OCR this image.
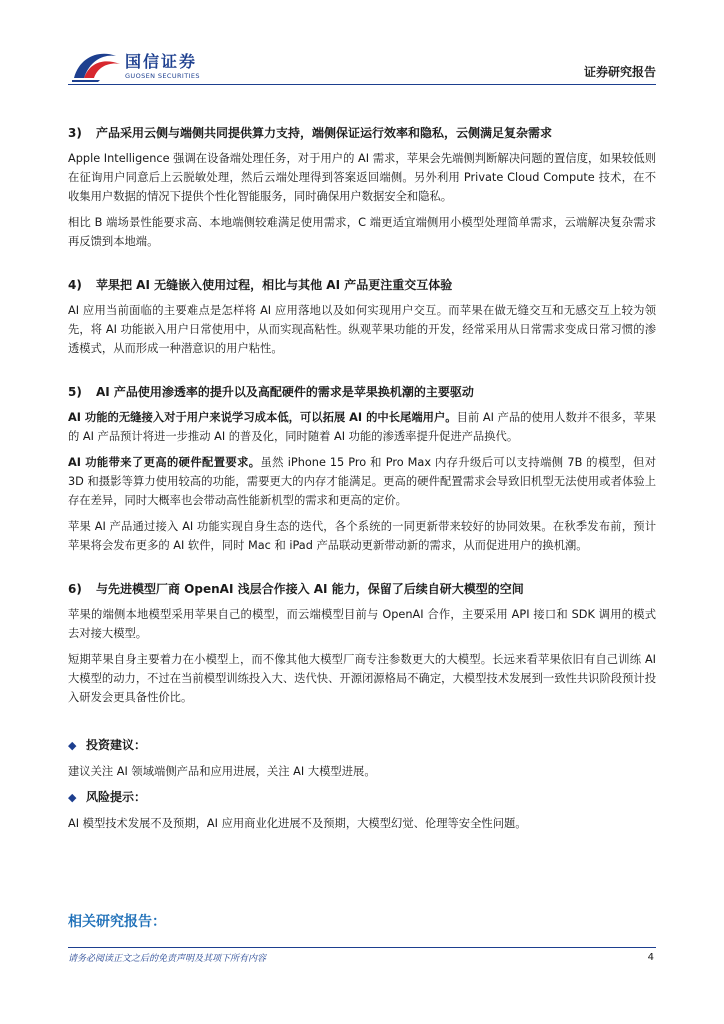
国信证券
GUOSEN SECURITIES	证券研究报告
3) 产品采用云侧与端侧共同提供算力支持，端侧保证运行效率和隐私，云侧满足复杂需求

Apple Intelligence 强调在设备端处理任务，对于用户的 AI 需求，苹果会先端侧判断解决问题的置信度，如果较低则在征询用户同意后上云脱敏处理，然后云端处理得到答案返回端侧。另外利用 Private Cloud Compute 技术，在不收集用户数据的情况下提供个性化智能服务，同时确保用户数据安全和隐私。

相比 B 端场景性能要求高、本地端侧较难满足使用需求，C 端更适宜端侧用小模型处理简单需求，云端解决复杂需求再反馈到本地端。

4) 苹果把 AI 无缝嵌入使用过程，相比与其他 AI 产品更注重交互体验

AI 应用当前面临的主要难点是怎样将 AI 应用落地以及如何实现用户交互。而苹果在做无缝交互和无感交互上较为领先，将 AI 功能嵌入用户日常使用中，从而实现高粘性。纵观苹果功能的开发，经常采用从日常需求变成日常习惯的渗透模式，从而形成一种潜意识的用户粘性。

5) AI 产品使用渗透率的提升以及高配硬件的需求是苹果换机潮的主要驱动

AI 功能的无缝接入对于用户来说学习成本低，可以拓展 AI 的中长尾端用户。目前 AI 产品的使用人数并不很多，苹果的 AI 产品预计将进一步推动 AI 的普及化，同时随着 AI 功能的渗透率提升促进产品换代。

AI 功能带来了更高的硬件配置要求。虽然 iPhone 15 Pro 和 Pro Max 内存升级后可以支持端侧 7B 的模型，但对 3D 和摄影等算力使用较高的功能，需要更大的内存才能满足。更高的硬件配置需求会导致旧机型无法使用或者体验上存在差异，同时大概率也会带动高性能新机型的需求和更高的定价。

苹果 AI 产品通过接入 AI 功能实现自身生态的迭代，各个系统的一同更新带来较好的协同效果。在秋季发布前，预计苹果将会发布更多的 AI 软件，同时 Mac 和 iPad 产品联动更新带动新的需求，从而促进用户的换机潮。

6) 与先进模型厂商 OpenAI 浅层合作接入 AI 能力，保留了后续自研大模型的空间

苹果的端侧本地模型采用苹果自己的模型，而云端模型目前与 OpenAI 合作，主要采用 API 接口和 SDK 调用的模式去对接大模型。

短期苹果自身主要着力在小模型上，而不像其他大模型厂商专注参数更大的大模型。长远来看苹果依旧有自己训练 AI 大模型的动力，不过在当前模型训练投入大、迭代快、开源闭源格局不确定，大模型技术发展到一致性共识阶段预计投入研发会更具备性价比。

◆ 投资建议：

建议关注 AI 领域端侧产品和应用进展，关注 AI 大模型进展。

◆ 风险提示：

AI 模型技术发展不及预期，AI 应用商业化进展不及预期，大模型幻觉、伦理等安全性问题。

相关研究报告：
请务必阅读正文之后的免责声明及其项下所有内容	4
